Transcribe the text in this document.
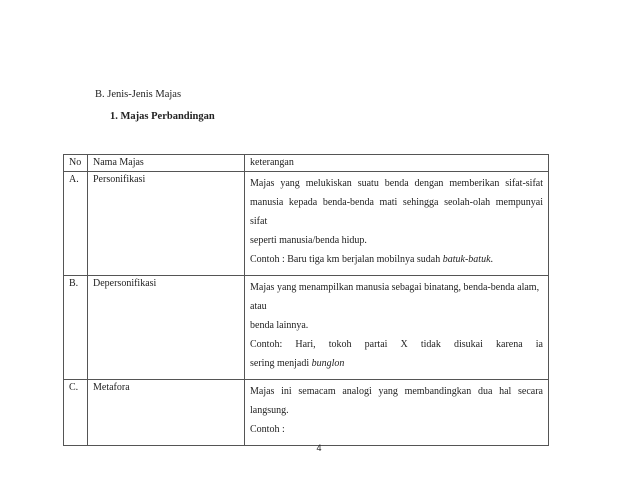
B. Jenis-Jenis Majas
1. Majas Perbandingan
No	Nama Majas	keterangan
A.	Personifikasi	Majas yang melukiskan suatu benda dengan memberikan sifat-sifat
manusia kepada benda-benda mati sehingga seolah-olah mempunyai sifat
seperti manusia/benda hidup.
Contoh : Baru tiga km berjalan mobilnya sudah batuk-batuk.

B.	Depersonifikasi	Majas yang menampilkan manusia sebagai binatang, benda-benda alam,
atau
benda lainnya.
Contoh: Hari, tokoh partai X tidak disukai karena ia
sering menjadi bunglon

C.	Metafora	Majas ini semacam analogi yang membandingkan dua hal secara
langsung.
Contoh :
4
